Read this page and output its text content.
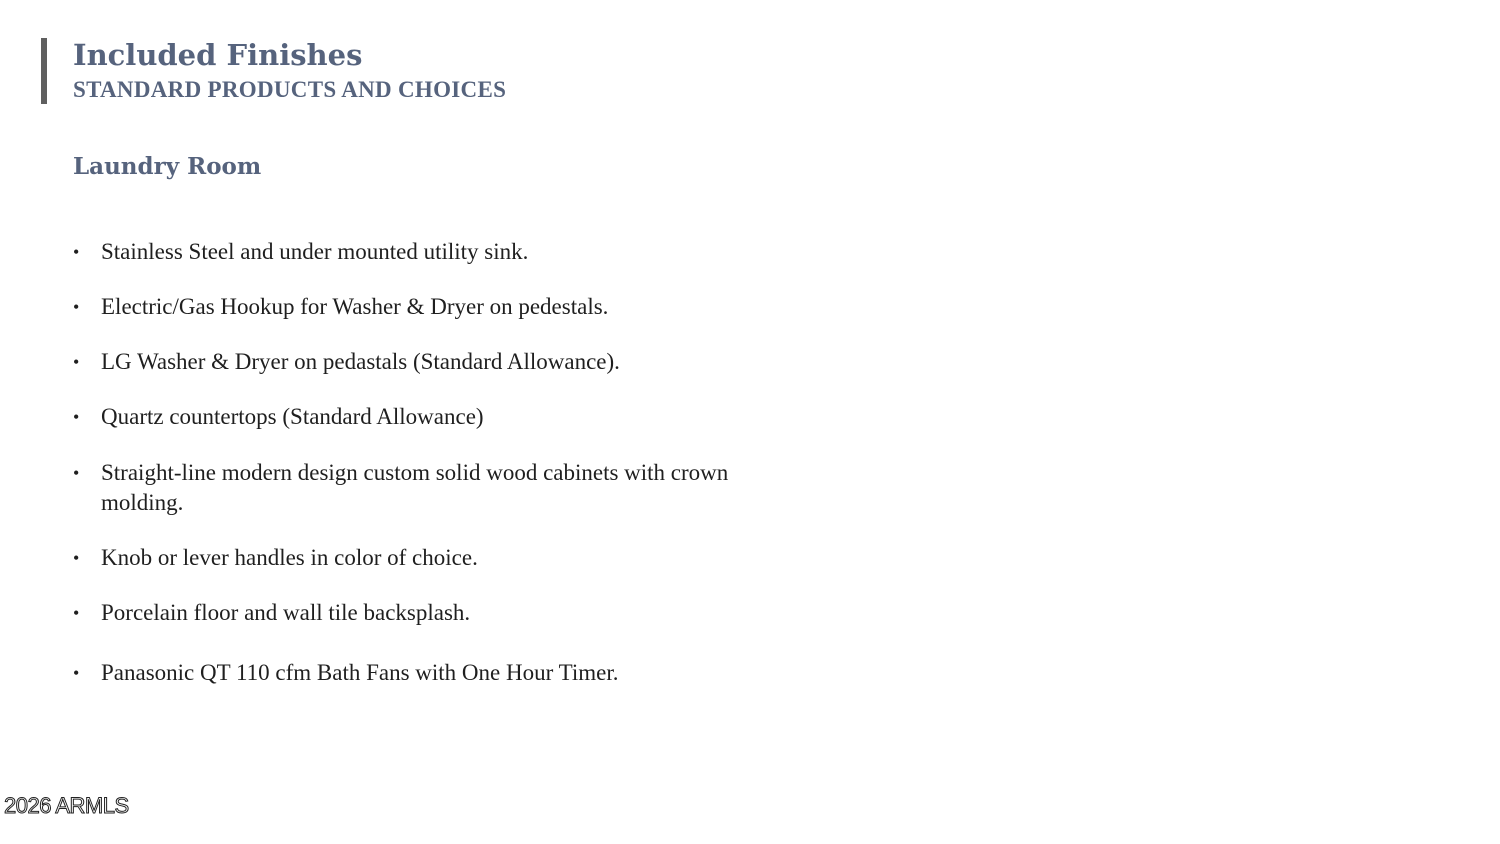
Included Finishes
STANDARD PRODUCTS AND CHOICES
Laundry Room
• Stainless Steel and under mounted utility sink.
• Electric/Gas Hookup for Washer & Dryer on pedestals.
• LG Washer & Dryer on pedastals (Standard Allowance).
• Quartz countertops (Standard Allowance)
• Straight-line modern design custom solid wood cabinets with crown molding.
• Knob or lever handles in color of choice.
• Porcelain floor and wall tile backsplash.
• Panasonic QT 110 cfm Bath Fans with One Hour Timer.

2026 ARMLS
